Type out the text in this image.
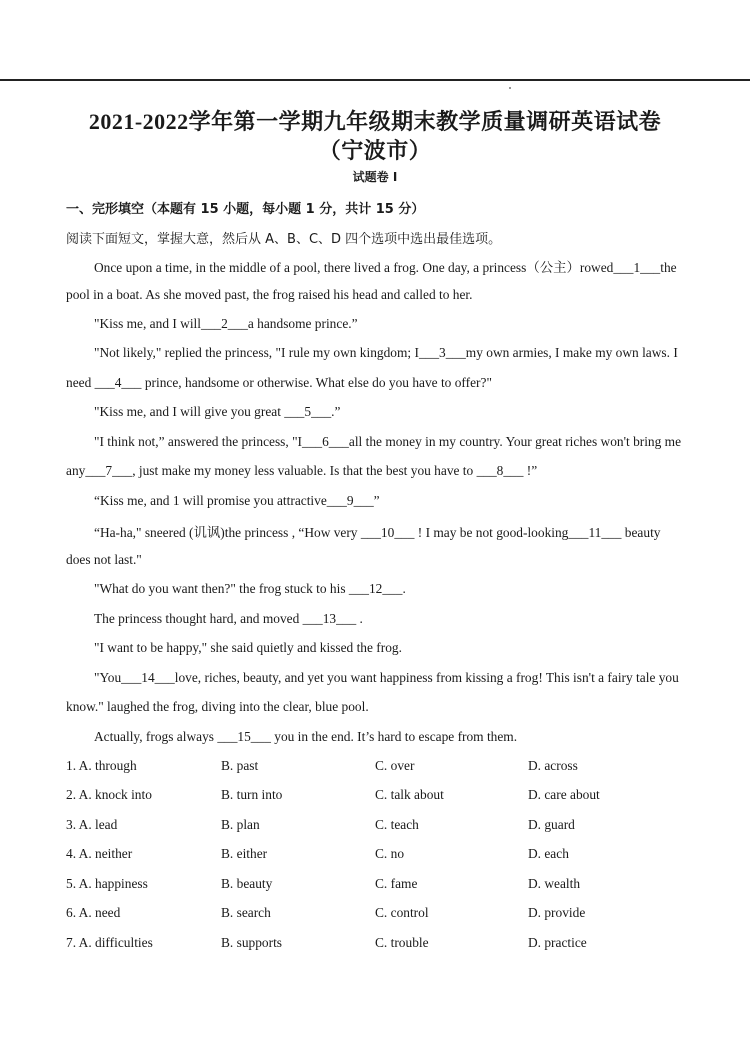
2021-2022学年第一学期九年级期末教学质量调研英语试卷
（宁波市）
试题卷 I
一、完形填空（本题有 15 小题，每小题 1 分，共计 15 分）
阅读下面短文，掌握大意，然后从 A、B、C、D 四个选项中选出最佳选项。
Once upon a time, in the middle of a pool, there lived a frog. One day, a princess（公主）rowed___1___the
pool in a boat. As she moved past, the frog raised his head and called to her.
"Kiss me, and I will___2___a handsome prince.”
"Not likely," replied the princess, "I rule my own kingdom; I___3___my own armies, I make my own laws. I
need ___4___ prince, handsome or otherwise. What else do you have to offer?"
"Kiss me, and I will give you great ___5___.”
"I think not,” answered the princess, "I___6___all the money in my country. Your great riches won't bring me
any___7___, just make my money less valuable. Is that the best you have to ___8___ !”
“Kiss me, and 1 will promise you attractive___9___”
“Ha-ha," sneered (讥讽)the princess , “How very ___10___ ! I may be not good-looking___11___ beauty
does not last."
"What do you want then?" the frog stuck to his ___12___.
The princess thought hard, and moved ___13___ .
"I want to be happy," she said quietly and kissed the frog.
"You___14___love, riches, beauty, and yet you want happiness from kissing a frog! This isn't a fairy tale you
know." laughed the frog, diving into the clear, blue pool.
Actually, frogs always ___15___ you in the end. It’s hard to escape from them.
1. A. through	B. past	C. over	D. across
2. A. knock into	B. turn into	C. talk about	D. care about
3. A. lead	B. plan	C. teach	D. guard
4. A. neither	B. either	C. no	D. each
5. A. happiness	B. beauty	C. fame	D. wealth
6. A. need	B. search	C. control	D. provide
7. A. difficulties	B. supports	C. trouble	D. practice
